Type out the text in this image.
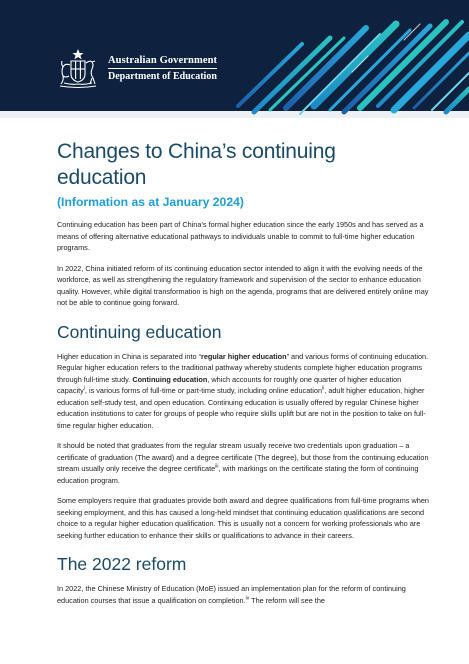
Australian Government
Department of Education
Changes to China’s continuing education
(Information as at January 2024)

Continuing education has been part of China’s formal higher education since the early 1950s and has served as a means of offering alternative educational pathways to individuals unable to commit to full-time higher education programs.

In 2022, China initiated reform of its continuing education sector intended to align it with the evolving needs of the workforce, as well as strengthening the regulatory framework and supervision of the sector to enhance education quality. However, while digital transformation is high on the agenda, programs that are delivered entirely online may not be able to continue going forward.

Continuing education

Higher education in China is separated into “regular higher education” and various forms of continuing education. Regular higher education refers to the traditional pathway whereby students complete higher education programs through full-time study. Continuing education, which accounts for roughly one quarter of higher education capacity$^i$, is various forms of full-time or part-time study, including online education$^{ii}$, adult higher education, higher education self-study test, and open education. Continuing education is usually offered by regular Chinese higher education institutions to cater for groups of people who require skills uplift but are not in the position to take on full-time regular higher education.

It should be noted that graduates from the regular stream usually receive two credentials upon graduation – a certificate of graduation (The award) and a degree certificate (The degree), but those from the continuing education stream usually only receive the degree certificate$^{iii}$, with markings on the certificate stating the form of continuing education program.

Some employers require that graduates provide both award and degree qualifications from full-time programs when seeking employment, and this has caused a long-held mindset that continuing education qualifications are second choice to a regular higher education qualification. This is usually not a concern for working professionals who are seeking further education to enhance their skills or qualifications to advance in their careers.

The 2022 reform

In 2022, the Chinese Ministry of Education (MoE) issued an implementation plan for the reform of continuing education courses that issue a qualification on completion.$^{iv}$ The reform will see the
